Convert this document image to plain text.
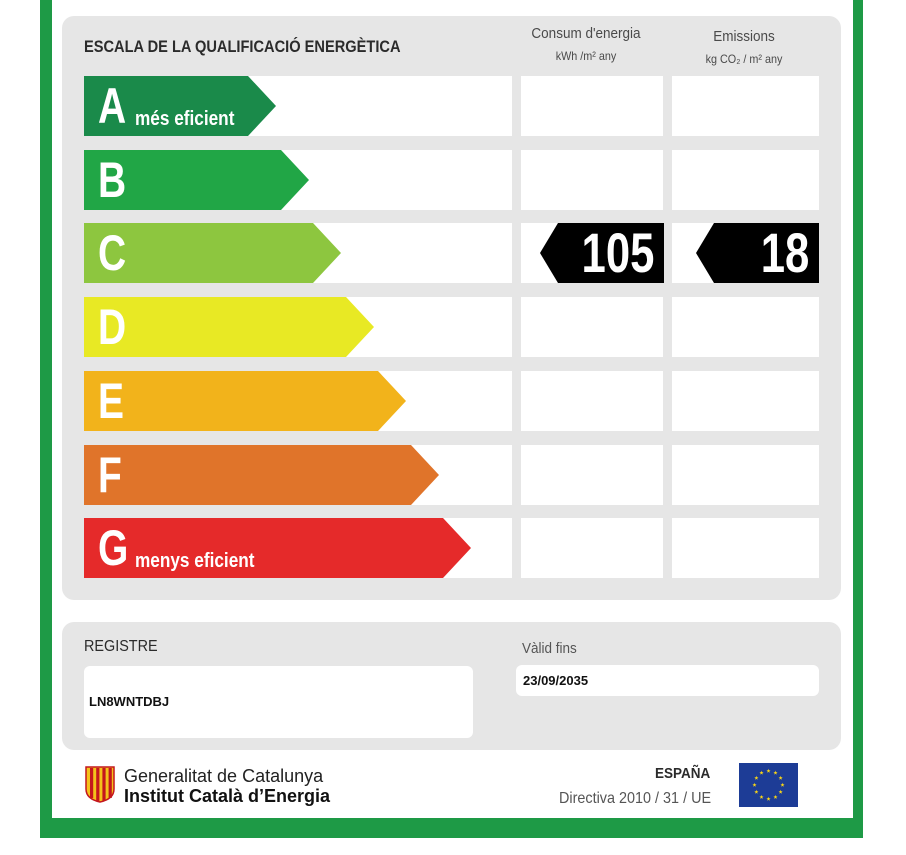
ESCALA DE LA QUALIFICACIÓ ENERGÈTICA
Consum d'energia
kWh /m² any
Emissions
kg CO₂ / m² any
A més eficient
B
C
D
E
F
G menys eficient
105 18
REGISTRE
LN8WNTDBJ
Vàlid fins
23/09/2035
Generalitat de Catalunya
Institut Català d’Energia
ESPAÑA
Directiva 2010 / 31 / UE
